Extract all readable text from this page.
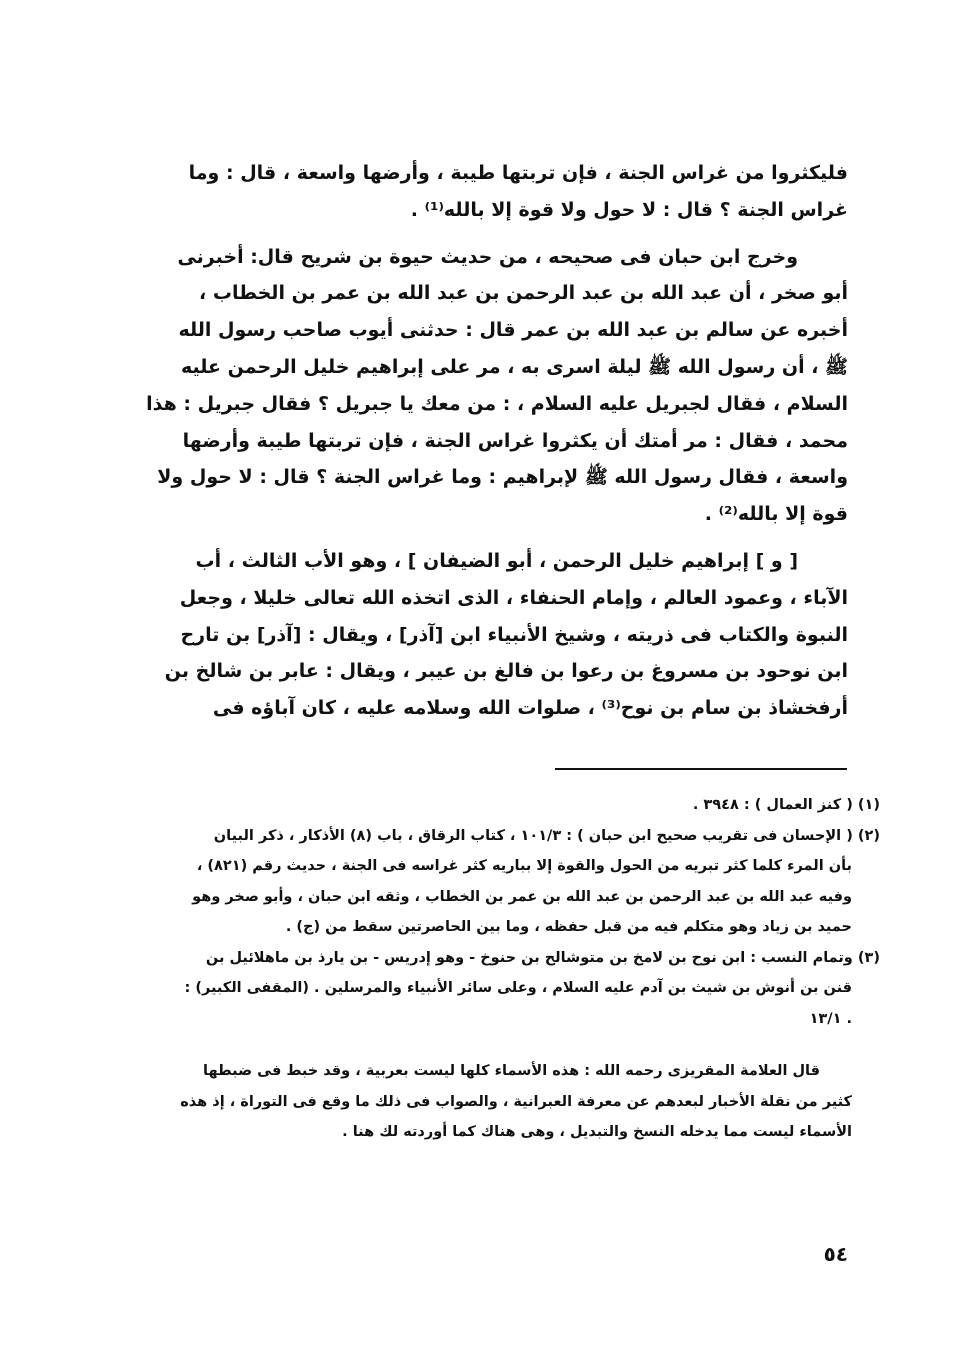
فليكثروا من غراس الجنة ، فإن تربتها طيبة ، وأرضها واسعة ، قال : وما
غراس الجنة ؟ قال : لا حول ولا قوة إلا بالله⁽¹⁾ .
وخرج ابن حبان فى صحيحه ، من حديث حيوة بن شريح قال: أخبرنى
أبو صخر ، أن عبد الله بن عبد الرحمن بن عبد الله بن عمر بن الخطاب ،
أخبره عن سالم بن عبد الله بن عمر قال : حدثنى أيوب صاحب رسول الله
ﷺ ، أن رسول الله ﷺ ليلة اسرى به ، مر على إبراهيم خليل الرحمن عليه
السلام ، فقال لجبريل عليه السلام ، : من معك يا جبريل ؟ فقال جبريل : هذا
محمد ، فقال : مر أمتك أن يكثروا غراس الجنة ، فإن تربتها طيبة وأرضها
واسعة ، فقال رسول الله ﷺ لإبراهيم : وما غراس الجنة ؟ قال : لا حول ولا
قوة إلا بالله⁽²⁾ .
[ و ] إبراهيم خليل الرحمن ، أبو الضيفان ] ، وهو الأب الثالث ، أب
الآباء ، وعمود العالم ، وإمام الحنفاء ، الذى اتخذه الله تعالى خليلا ، وجعل
النبوة والكتاب فى ذريته ، وشيخ الأنبياء ابن [آذر] ، ويقال : [آذر] بن تارح
ابن نوحود بن مسروغ بن رعوا بن فالغ بن عيبر ، ويقال : عابر بن شالخ بن
أرفخشاذ بن سام بن نوح⁽³⁾ ، صلوات الله وسلامه عليه ، كان آباؤه فى
(١) ( كنز العمال ) : ٣٩٤٨ .
(٢) ( الإحسان فى تقريب صحيح ابن حبان ) : ١٠١/٣ ، كتاب الرقاق ، باب (٨) الأذكار ، ذكر البيان
بأن المرء كلما كثر تبريه من الحول والقوة إلا بباريه كثر غراسه فى الجنة ، حديث رقم (٨٢١) ،
وفيه عبد الله بن عبد الرحمن بن عبد الله بن عمر بن الخطاب ، وثقه ابن حبان ، وأبو صخر وهو
حميد بن زياد وهو متكلم فيه من قبل حفظه ، وما بين الحاصرتين سقط من (ج) .
(٣) وتمام النسب : ابن نوح بن لامخ بن متوشالح بن حنوخ - وهو إدريس - بن يارذ بن ماهلائيل بن
قنن بن أنوش بن شيث بن آدم عليه السلام ، وعلى سائر الأنبياء والمرسلين . (المقفى الكبير) :
. ١٣/١
قال العلامة المقريزى رحمه الله : هذه الأسماء كلها ليست بعربية ، وقد خبط فى ضبطها
كثير من نقلة الأخبار لبعدهم عن معرفة العبرانية ، والصواب فى ذلك ما وقع فى التوراة ، إذ هذه
الأسماء ليست مما يدخله النسخ والتبديل ، وهى هناك كما أوردته لك هنا .
٥٤
